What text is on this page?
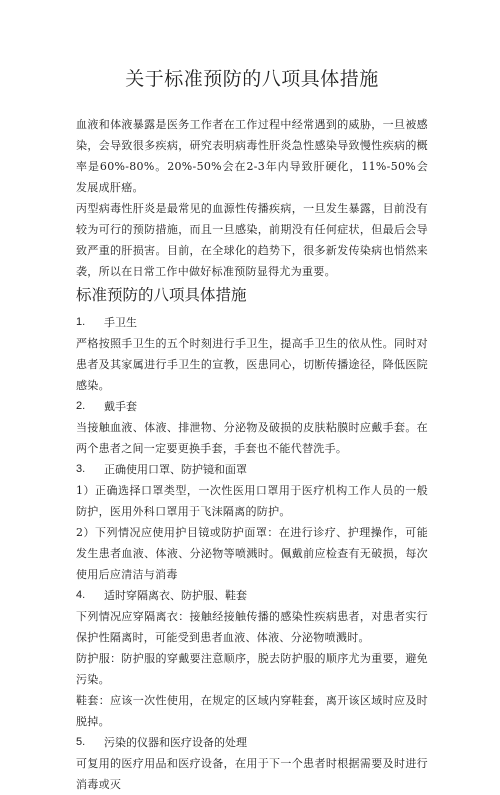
关于标准预防的八项具体措施

血液和体液暴露是医务工作者在工作过程中经常遇到的威胁，一旦被感染，会导致很多疾病，研究表明病毒性肝炎急性感染导致慢性疾病的概率是60%-80%。20%-50%会在2-3年内导致肝硬化，11%-50%会发展成肝癌。

丙型病毒性肝炎是最常见的血源性传播疾病，一旦发生暴露，目前没有较为可行的预防措施，而且一旦感染，前期没有任何症状，但最后会导致严重的肝损害。目前，在全球化的趋势下，很多新发传染病也悄然来袭，所以在日常工作中做好标准预防显得尤为重要。

标准预防的八项具体措施
1.	手卫生

严格按照手卫生的五个时刻进行手卫生，提高手卫生的依从性。同时对患者及其家属进行手卫生的宣教，医患同心，切断传播途径，降低医院感染。

2.	戴手套

当接触血液、体液、排泄物、分泌物及破损的皮肤粘膜时应戴手套。在两个患者之间一定要更换手套，手套也不能代替洗手。

3.	正确使用口罩、防护镜和面罩

1）正确选择口罩类型，一次性医用口罩用于医疗机构工作人员的一般防护，医用外科口罩用于飞沫隔离的防护。

2）下列情况应使用护目镜或防护面罩：在进行诊疗、护理操作，可能发生患者血液、体液、分泌物等喷溅时。佩戴前应检查有无破损，每次使用后应清洁与消毒

4.	适时穿隔离衣、防护服、鞋套

下列情况应穿隔离衣：接触经接触传播的感染性疾病患者，对患者实行保护性隔离时，可能受到患者血液、体液、分泌物喷溅时。

防护服：防护服的穿戴要注意顺序，脱去防护服的顺序尤为重要，避免污染。

鞋套：应该一次性使用，在规定的区域内穿鞋套，离开该区域时应及时脱掉。

5.	污染的仪器和医疗设备的处理

可复用的医疗用品和医疗设备，在用于下一个患者时根据需要及时进行消毒或灭
